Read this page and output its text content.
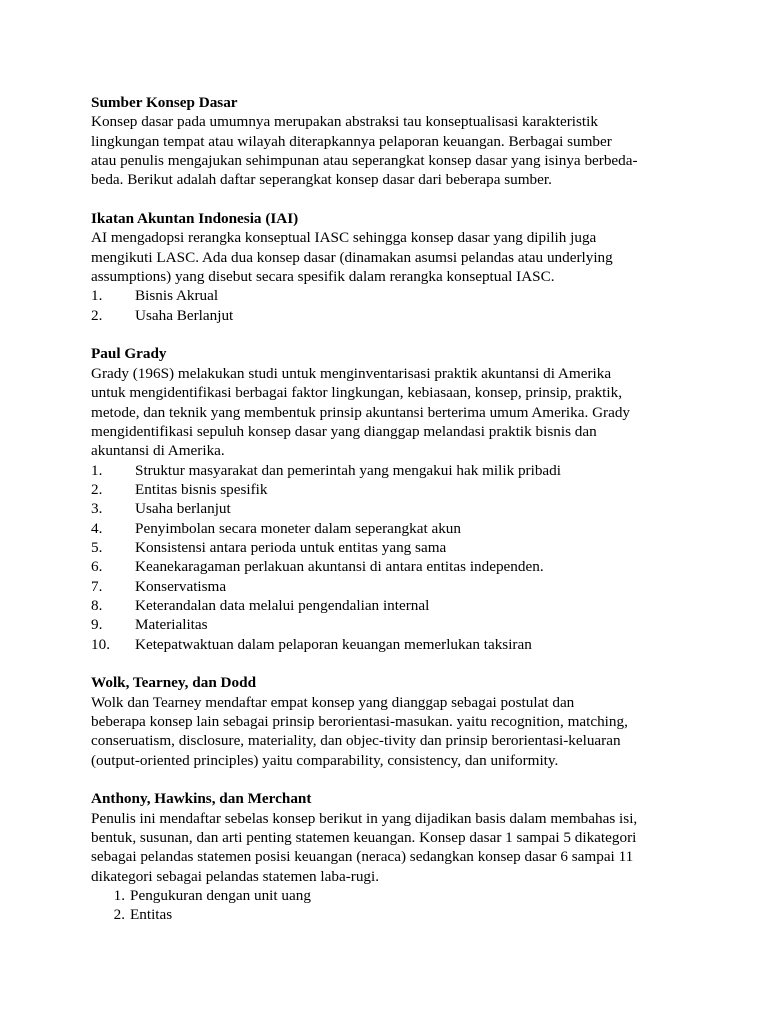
Sumber Konsep Dasar
Konsep dasar pada umumnya merupakan abstraksi tau konseptualisasi karakteristik
lingkungan tempat atau wilayah diterapkannya pelaporan keuangan. Berbagai sumber
atau penulis mengajukan sehimpunan atau seperangkat konsep dasar yang isinya berbeda-
beda. Berikut adalah daftar seperangkat konsep dasar dari beberapa sumber.
Ikatan Akuntan Indonesia (IAI)
AI mengadopsi rerangka konseptual IASC sehingga konsep dasar yang dipilih juga
mengikuti LASC. Ada dua konsep dasar (dinamakan asumsi pelandas atau underlying
assumptions) yang disebut secara spesifik dalam rerangka konseptual IASC.
1.	Bisnis Akrual
2.	Usaha Berlanjut
Paul Grady
Grady (196S) melakukan studi untuk menginventarisasi praktik akuntansi di Amerika
untuk mengidentifikasi berbagai faktor lingkungan, kebiasaan, konsep, prinsip, praktik,
metode, dan teknik yang membentuk prinsip akuntansi berterima umum Amerika. Grady
mengidentifikasi sepuluh konsep dasar yang dianggap melandasi praktik bisnis dan
akuntansi di Amerika.
1.	Struktur masyarakat dan pemerintah yang mengakui hak milik pribadi
2.	Entitas bisnis spesifik
3.	Usaha berlanjut
4.	Penyimbolan secara moneter dalam seperangkat akun
5.	Konsistensi antara perioda untuk entitas yang sama
6.	Keanekaragaman perlakuan akuntansi di antara entitas independen.
7.	Konservatisma
8.	Keterandalan data melalui pengendalian internal
9.	Materialitas
10.	Ketepatwaktuan dalam pelaporan keuangan memerlukan taksiran
Wolk, Tearney, dan Dodd
Wolk dan Tearney mendaftar empat konsep yang dianggap sebagai postulat dan
beberapa konsep lain sebagai prinsip berorientasi-masukan. yaitu recognition, matching,
conseruatism, disclosure, materiality, dan objec-tivity dan prinsip berorientasi-keluaran
(output-oriented principles) yaitu comparability, consistency, dan uniformity.
Anthony, Hawkins, dan Merchant
Penulis ini mendaftar sebelas konsep berikut in yang dijadikan basis dalam membahas isi,
bentuk, susunan, dan arti penting statemen keuangan. Konsep dasar 1 sampai 5 dikategori
sebagai pelandas statemen posisi keuangan (neraca) sedangkan konsep dasar 6 sampai 11
dikategori sebagai pelandas statemen laba-rugi.
1. Pengukuran dengan unit uang
2. Entitas
